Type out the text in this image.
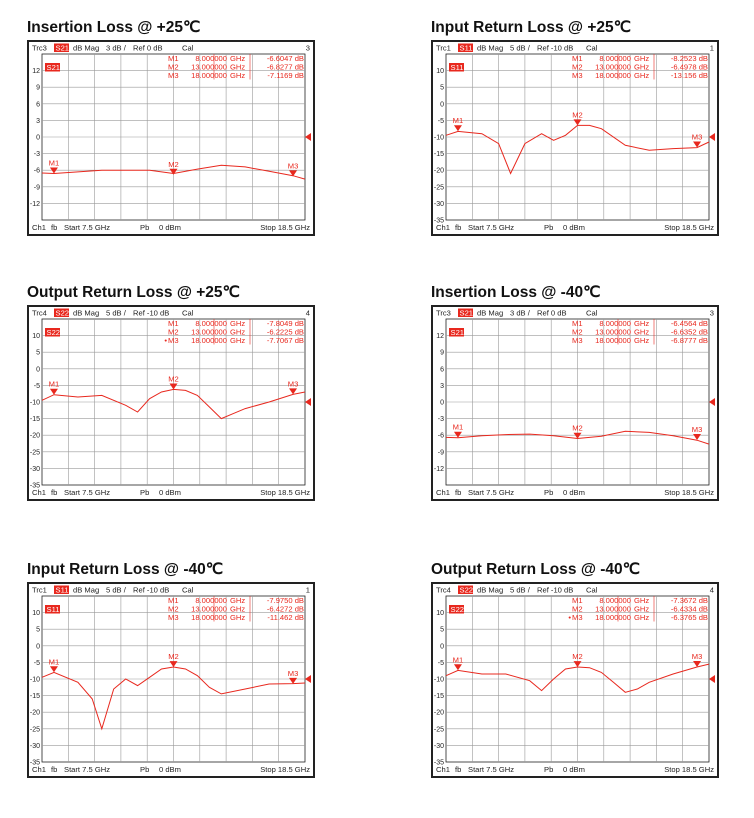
Insertion Loss @ +25℃
Trc3 S21 dB Mag 3 dB / Ref 0 dB	Cal	3
12
9
6
3
0
-3
-6
-9
-12
S21
M1 8.000000 GHz	-6.6047 dB
M2 13.000000 GHz	-6.8277 dB
M3 18.000000 GHz	-7.1169 dB
M1	M2	M3
Ch1 fb Start 7.5 GHz	Pb 0 dBm	Stop 18.5 GHz
Input Return Loss @ +25℃
Trc1 S11 dB Mag 5 dB / Ref -10 dB Cal	1
10
5
0
-5
-10
-15
-20
-25
-30
-35
S11
M1 8.000000 GHz	-8.2523 dB
M2 13.000000 GHz	-6.4978 dB
M3 18.000000 GHz	-13.156 dB
M1
M2
M3
Ch1 fb Start 7.5 GHz	Pb 0 dBm	Stop 18.5 GHz
Output Return Loss @ +25℃
Trc4 S22 dB Mag 5 dB / Ref -10 dB Cal	4
10
5
0
-5
-10
-15
-20
-25
-30
-35
S22
M1 8.000000 GHz	-7.8049 dB
M2 13.000000 GHz	-6.2225 dB
• M3 18.000000 GHz	-7.7067 dB
M1
M2
M3
Ch1 fb Start 7.5 GHz	Pb 0 dBm	Stop 18.5 GHz
Insertion Loss @ -40℃
Trc3 S21 dB Mag 3 dB / Ref 0 dB	Cal	3
12
9
6
3
0
-3
-6
-9
-12
S21
M1 8.000000 GHz	-6.4564 dB
M2 13.000000 GHz	-6.6352 dB
M3 18.000000 GHz	-6.8777 dB
M1	M2	M3
Ch1 fb Start 7.5 GHz	Pb 0 dBm	Stop 18.5 GHz
Input Return Loss @ -40℃
Trc1 S11 dB Mag 5 dB / Ref -10 dB Cal	1
10
5
0
-5
-10
-15
-20
-25
-30
-35
S11
M1 8.000000 GHz	-7.9750 dB
M2 13.000000 GHz	-6.4272 dB
M3 18.000000 GHz	-11.462 dB
M1
M2
M3
Ch1 fb Start 7.5 GHz	Pb 0 dBm	Stop 18.5 GHz
Output Return Loss @ -40℃
Trc4 S22 dB Mag 5 dB / Ref -10 dB Cal	4
10
5
0
-5
-10
-15
-20
-25
-30
-35
S22
M1 8.000000 GHz	-7.3672 dB
M2 13.000000 GHz	-6.4334 dB
• M3 18.000000 GHz	-6.3765 dB
M1	M2	M3
Ch1 fb Start 7.5 GHz	Pb 0 dBm	Stop 18.5 GHz
